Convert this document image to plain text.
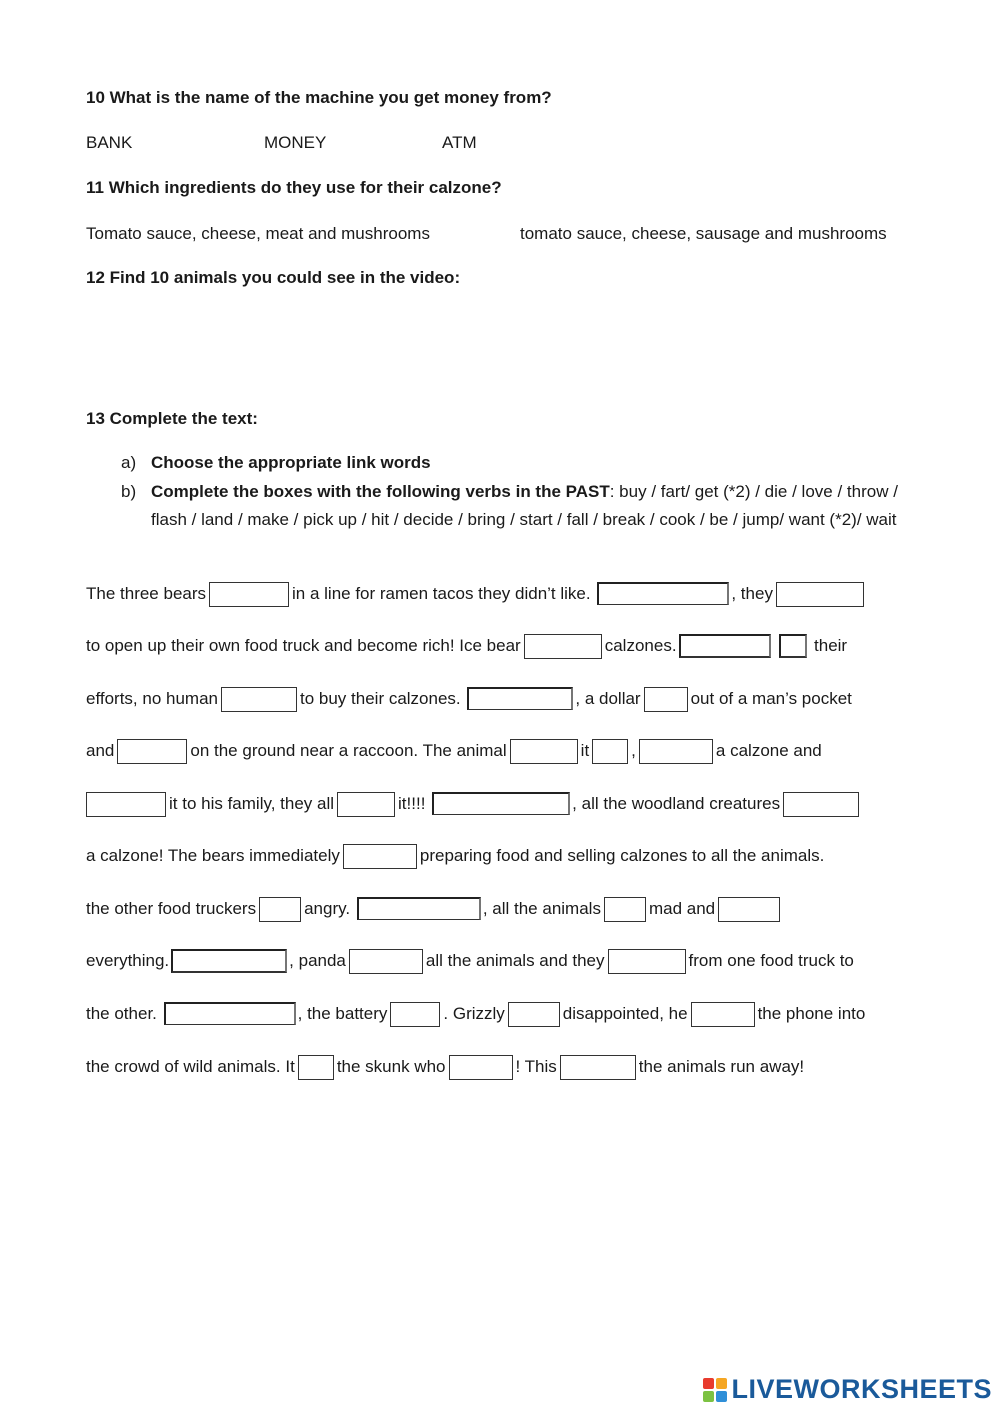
10 What is the name of the machine you get money from?
BANK	MONEY	ATM
11 Which ingredients do they use for their calzone?
Tomato sauce, cheese, meat and mushrooms	tomato sauce, cheese, sausage and mushrooms
12 Find 10 animals you could see in the video:
13 Complete the text:
a) Choose the appropriate link words
b) Complete the boxes with the following verbs in the PAST: buy / fart/ get (*2) / die / love / throw / flash / land / make / pick up / hit / decide / bring / start / fall / break / cook / be / jump/ want (*2)/ wait
The three bears	in a line for ramen tacos they didn’t like.	, they
to open up their own food truck and become rich! Ice bear	calzones.	their
efforts, no human	to buy their calzones.	, a dollar	out of a man’s pocket
and	on the ground near a raccoon. The animal	it ,	a calzone and
it to his family, they all	it!!!!	, all the woodland creatures
a calzone! The bears immediately	preparing food and selling calzones to all the animals.
the other food truckers	angry.	, all the animals	mad and
everything.	, panda	all the animals and they	from one food truck to
the other.	, the battery	. Grizzly	disappointed, he	the phone into
the crowd of wild animals. It the skunk who	! This	the animals run away!
LIVEWORKSHEETS
